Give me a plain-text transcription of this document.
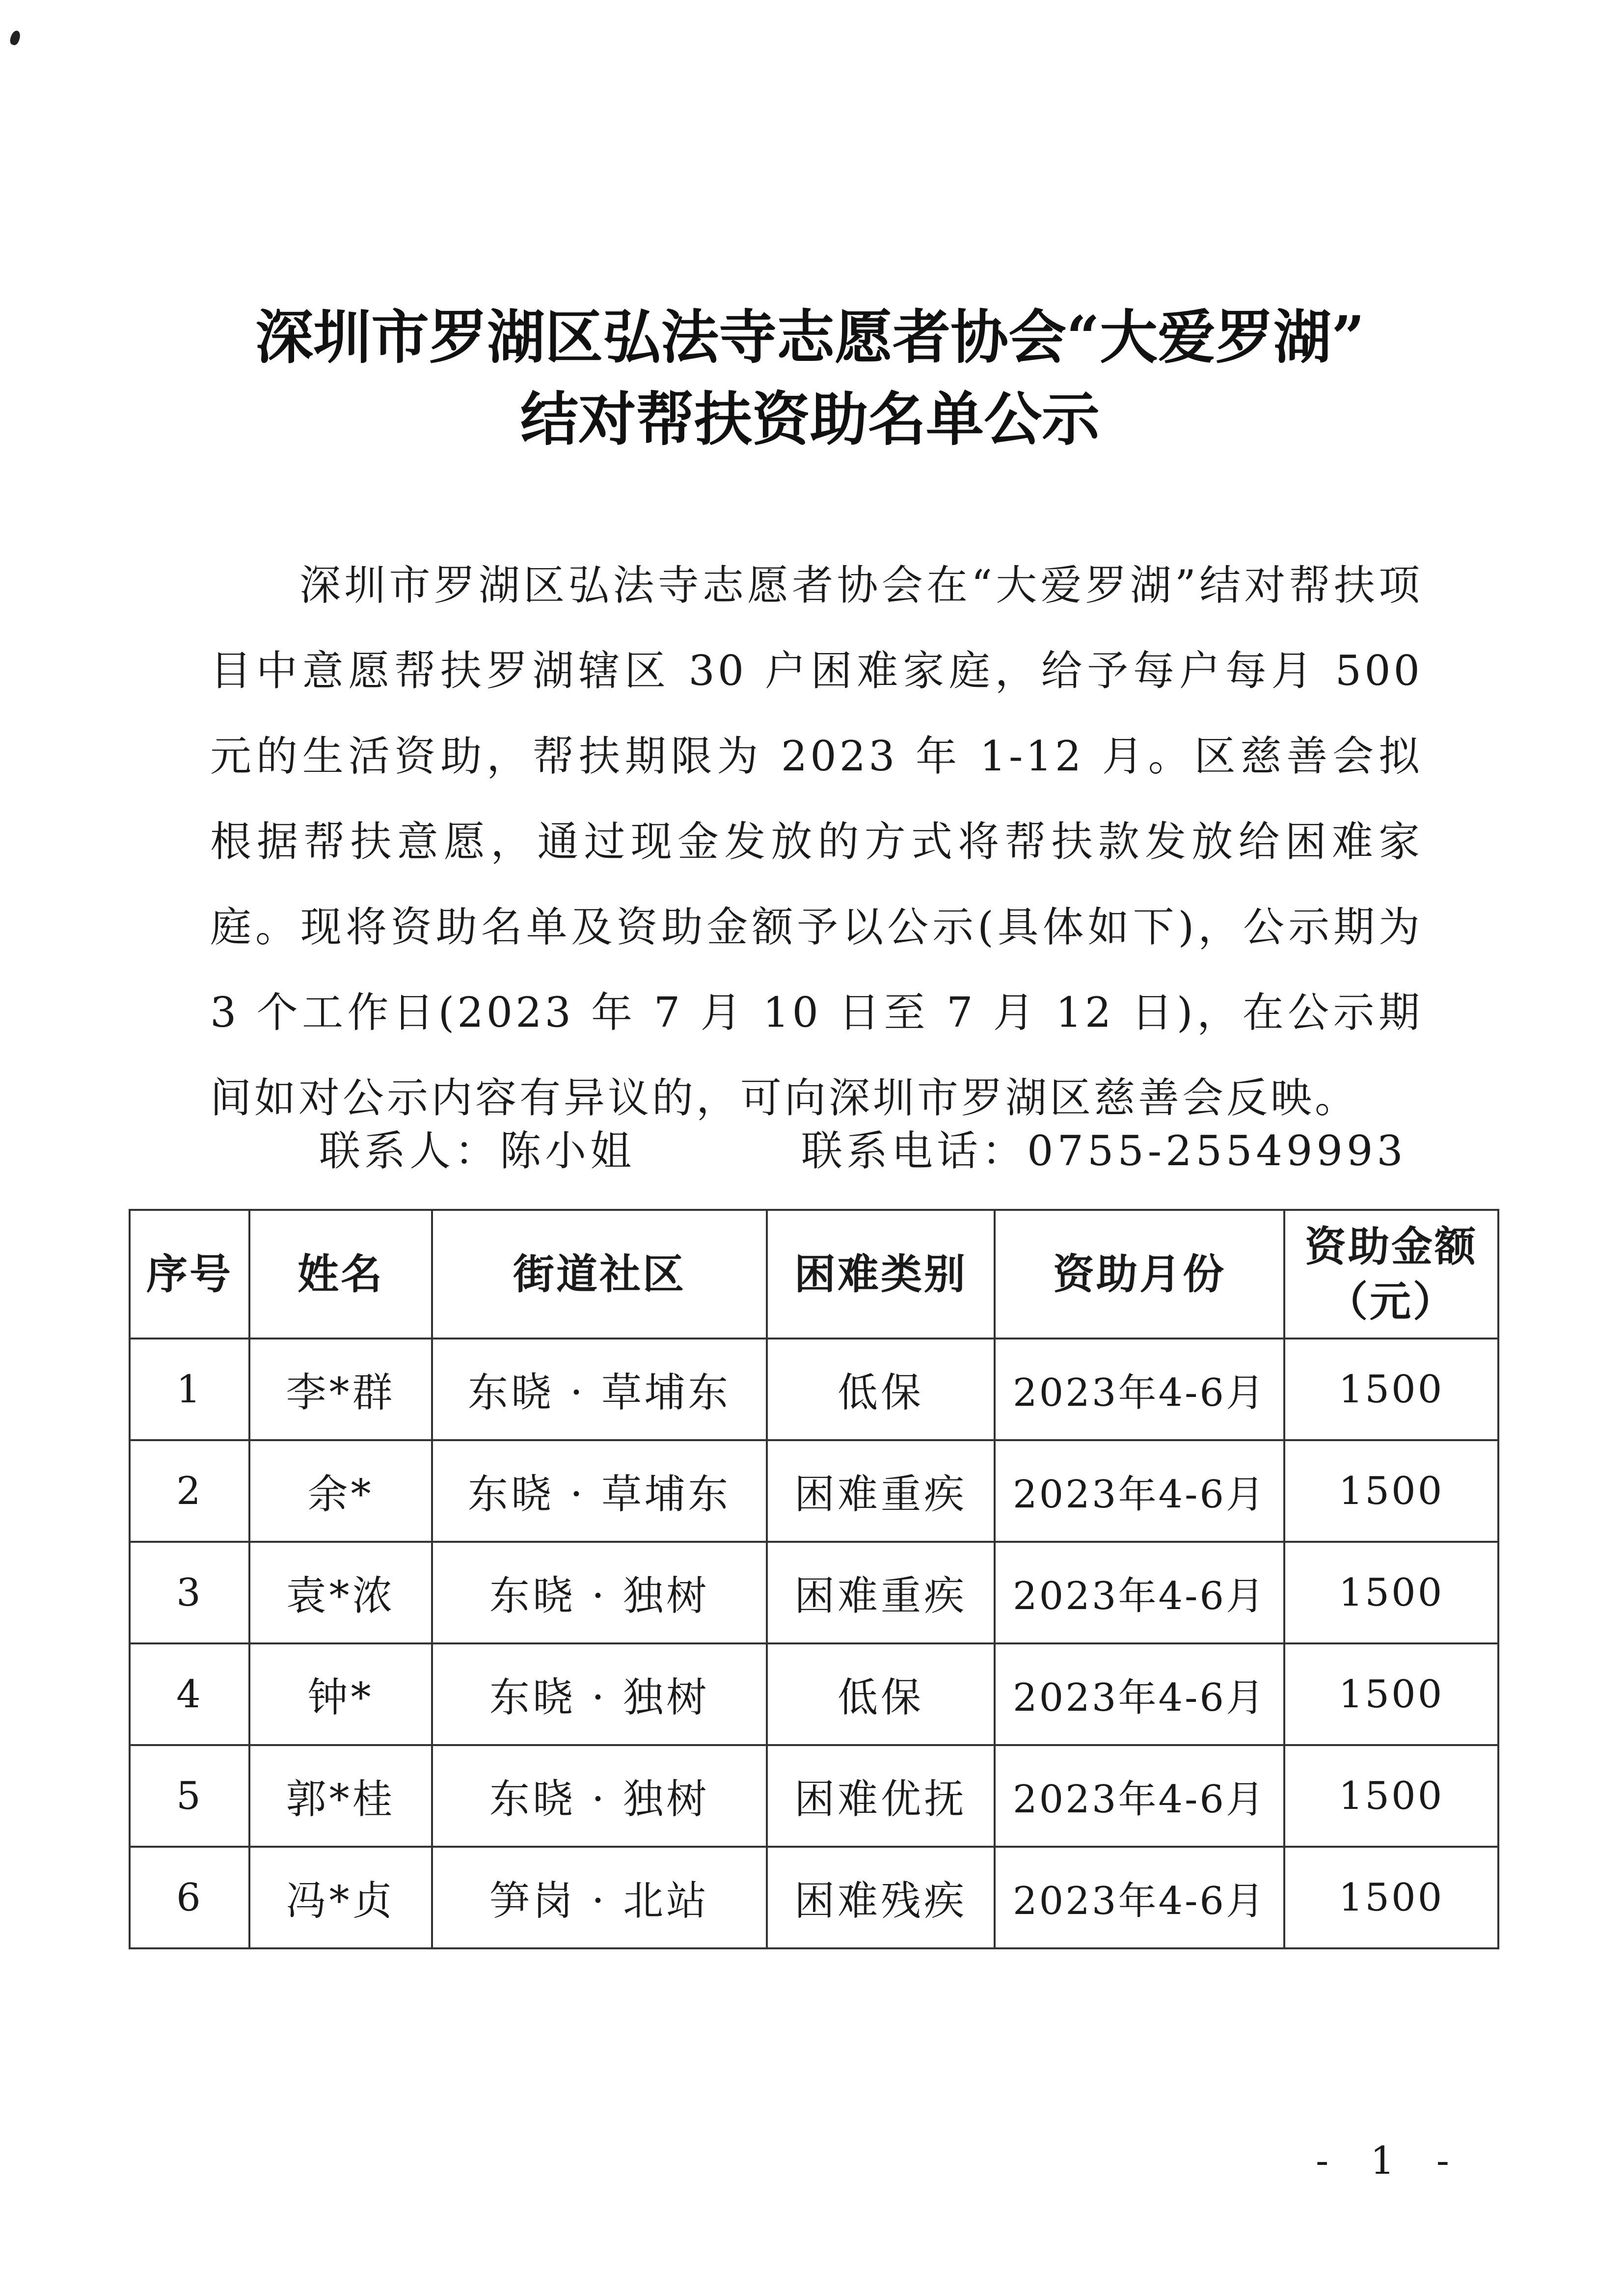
深圳市罗湖区弘法寺志愿者协会“大爱罗湖”
结对帮扶资助名单公示

深圳市罗湖区弘法寺志愿者协会在“大爱罗湖”结对帮扶项目中意愿帮扶罗湖辖区 30 户困难家庭，给予每户每月 500 元的生活资助，帮扶期限为 2023 年 1-12 月。区慈善会拟根据帮扶意愿，通过现金发放的方式将帮扶款发放给困难家庭。现将资助名单及资助金额予以公示(具体如下)，公示期为 3 个工作日(2023 年 7 月 10 日至 7 月 12 日)，在公示期间如对公示内容有异议的，可向深圳市罗湖区慈善会反映。

联系人：陈小姐	联系电话：0755-25549993
序号	姓名	街道社区	困难类别	资助月份	资助金额
（元）

1	李*群	东晓 · 草埔东	低保	2023年4-6月	1500
2	余*	东晓 · 草埔东	困难重疾	2023年4-6月	1500
3	袁*浓	东晓 · 独树	困难重疾	2023年4-6月	1500
4	钟*	东晓 · 独树	低保	2023年4-6月	1500
5	郭*桂	东晓 · 独树	困难优抚	2023年4-6月	1500
6	冯*贞	笋岗 · 北站	困难残疾	2023年4-6月	1500
- 1 -
